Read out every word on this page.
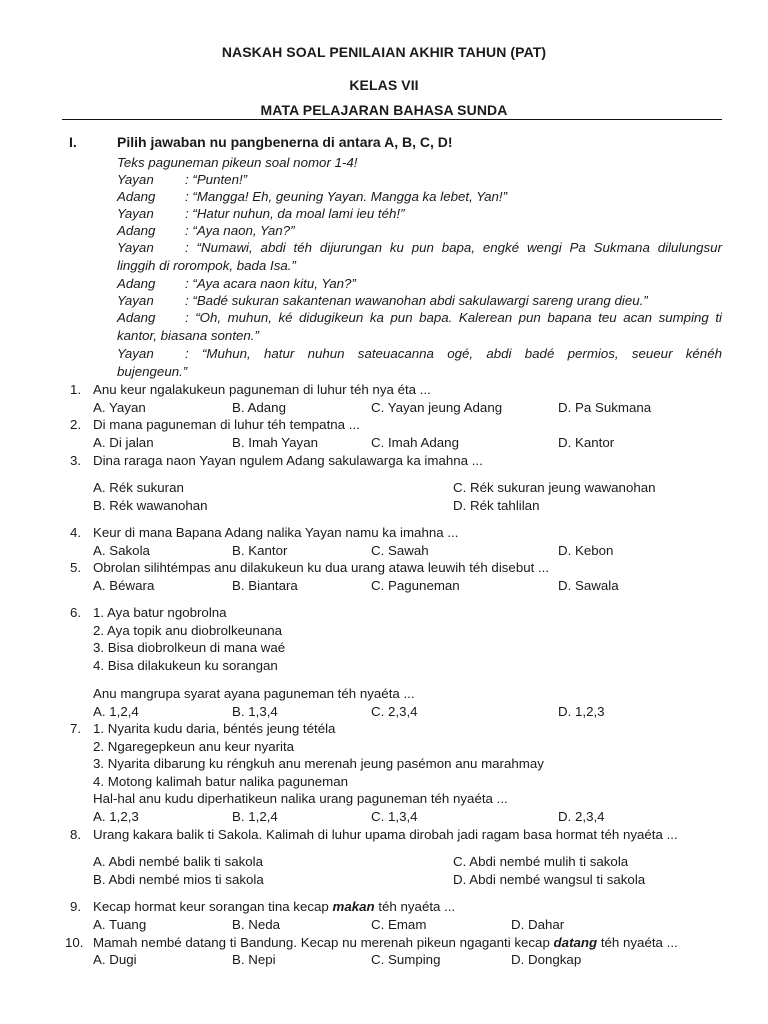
NASKAH SOAL PENILAIAN AKHIR TAHUN (PAT)
KELAS VII
MATA PELAJARAN BAHASA SUNDA
I.	Pilih jawaban nu pangbenerna di antara A, B, C, D!
Teks paguneman pikeun soal nomor 1-4!
Yayan : “Punten!”
Adang : “Mangga! Eh, geuning Yayan. Mangga ka lebet, Yan!”
Yayan : “Hatur nuhun, da moal lami ieu téh!”
Adang : “Aya naon, Yan?”
Yayan : “Numawi, abdi téh dijurungan ku pun bapa, engké wengi Pa Sukmana dilulungsur
linggih di rorompok, bada Isa.”
Adang : “Aya acara naon kitu, Yan?”
Yayan : “Badé sukuran sakantenan wawanohan abdi sakulawargi sareng urang dieu.”
Adang : “Oh, muhun, ké didugikeun ka pun bapa. Kalerean pun bapana teu acan sumping ti
kantor, biasana sonten.”
Yayan : “Muhun, hatur nuhun sateuacanna ogé, abdi badé permios, seueur kénéh
bujengeun.”
1. Anu keur ngalakukeun paguneman di luhur téh nya éta ...
A. Yayan	B. Adang	C. Yayan jeung Adang	D. Pa Sukmana
2. Di mana paguneman di luhur téh tempatna ...
A. Di jalan	B. Imah Yayan	C. Imah Adang	D. Kantor
3. Dina raraga naon Yayan ngulem Adang sakulawarga ka imahna ...
A. Rék sukuran
B. Rék wawanohan
C. Rék sukuran jeung wawanohan
D. Rék tahlilan
4. Keur di mana Bapana Adang nalika Yayan namu ka imahna ...
A. Sakola	B. Kantor	C. Sawah	D. Kebon
5. Obrolan silihtémpas anu dilakukeun ku dua urang atawa leuwih téh disebut ...
A. Béwara	B. Biantara	C. Paguneman	D. Sawala
6. 1. Aya batur ngobrolna
2. Aya topik anu diobrolkeunana
3. Bisa diobrolkeun di mana waé
4. Bisa dilakukeun ku sorangan
Anu mangrupa syarat ayana paguneman téh nyaéta ...
A. 1,2,4	B. 1,3,4	C. 2,3,4	D. 1,2,3
7. 1. Nyarita kudu daria, béntés jeung tétéla
2. Ngaregepkeun anu keur nyarita
3. Nyarita dibarung ku réngkuh anu merenah jeung pasémon anu marahmay
4. Motong kalimah batur nalika paguneman
Hal-hal anu kudu diperhatikeun nalika urang paguneman téh nyaéta ...
A. 1,2,3	B. 1,2,4	C. 1,3,4	D. 2,3,4
8. Urang kakara balik ti Sakola. Kalimah di luhur upama dirobah jadi ragam basa hormat téh nyaéta ...
A. Abdi nembé balik ti sakola
B. Abdi nembé mios ti sakola
C. Abdi nembé mulih ti sakola
D. Abdi nembé wangsul ti sakola
9. Kecap hormat keur sorangan tina kecap makan téh nyaéta ...
A. Tuang	B. Neda	C. Emam	D. Dahar
10. Mamah nembé datang ti Bandung. Kecap nu merenah pikeun ngaganti kecap datang téh nyaéta ...
A. Dugi	B. Nepi	C. Sumping	D. Dongkap
